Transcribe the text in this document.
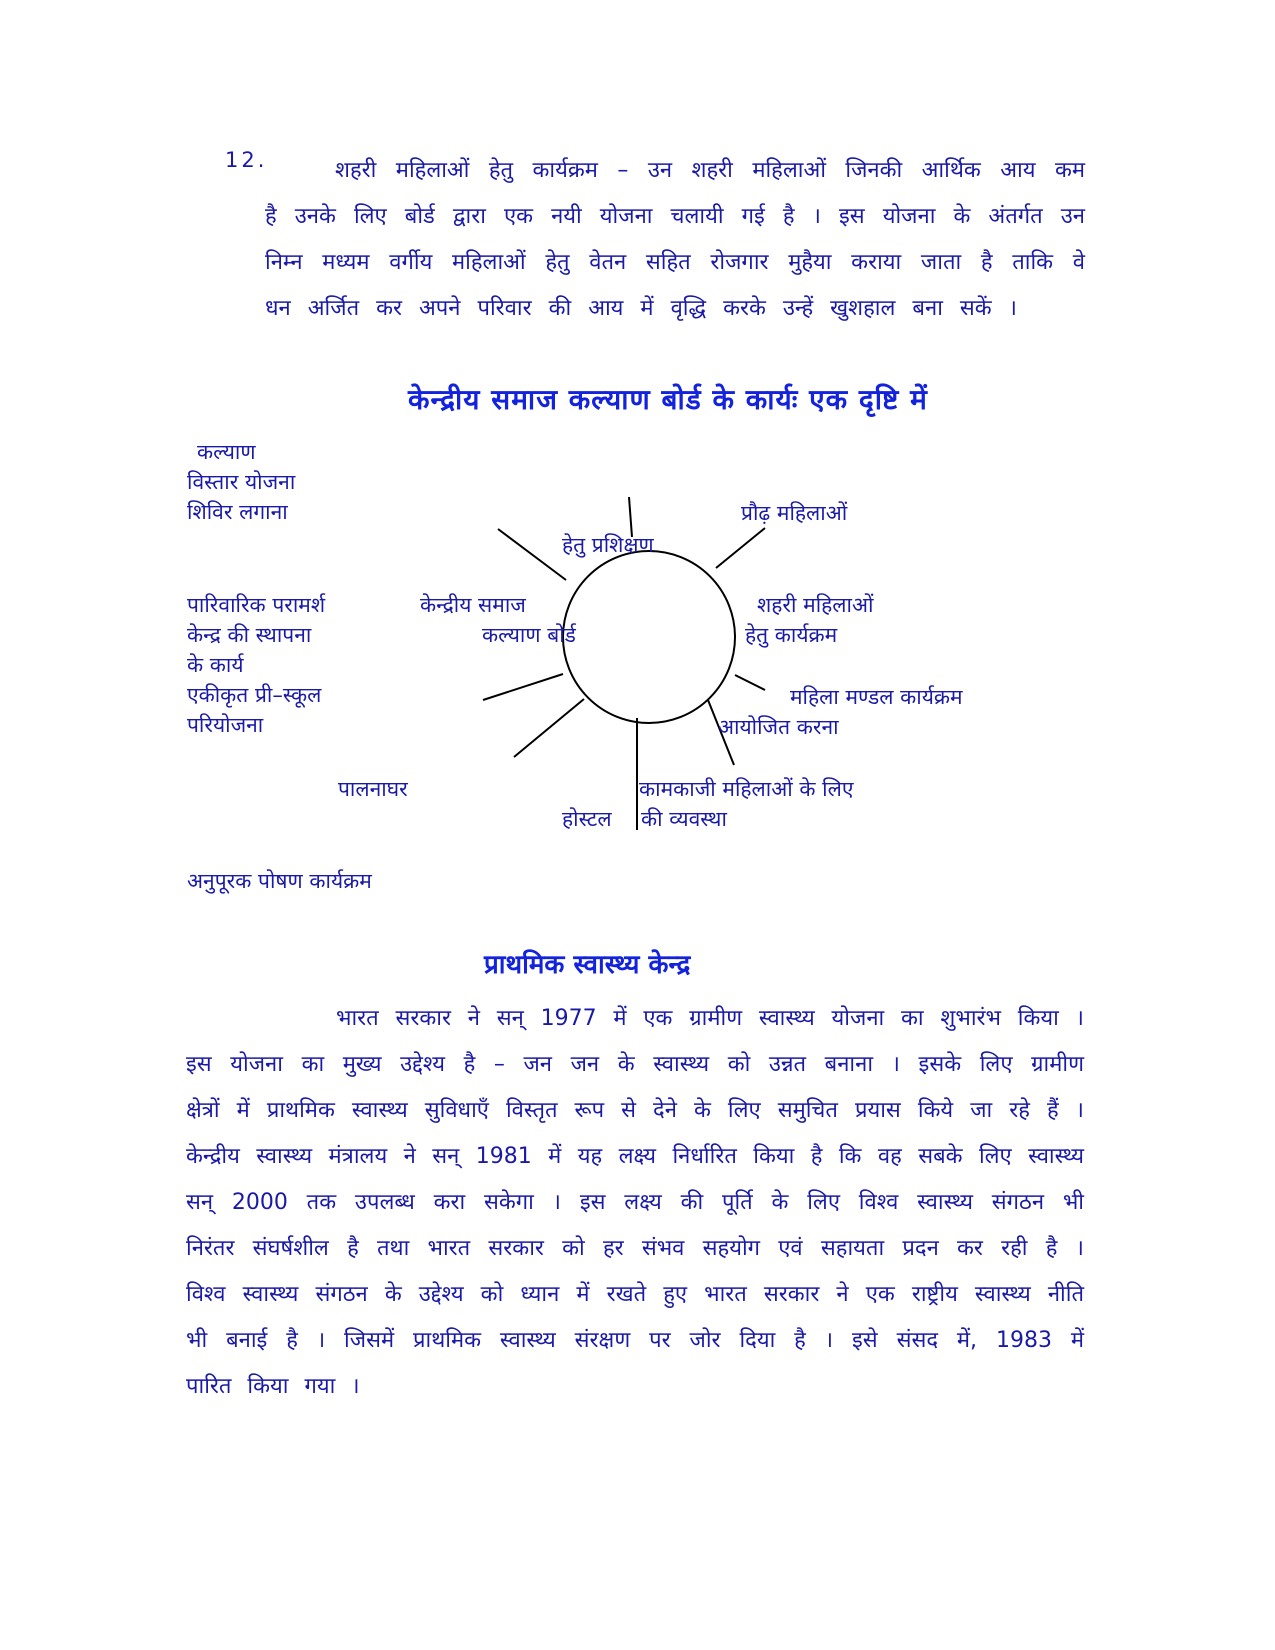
12.	शहरी महिलाओं हेतु कार्यक्रम – उन शहरी महिलाओं जिनकी आर्थिक आय कम है उनके लिए बोर्ड द्वारा एक नयी योजना चलायी गई है । इस योजना के अंतर्गत उन निम्न मध्यम वर्गीय महिलाओं हेतु वेतन सहित रोजगार मुहैया कराया जाता है ताकि वे धन अर्जित कर अपने परिवार की आय में वृद्धि करके उन्हें खुशहाल बना सकें ।

केन्द्रीय समाज कल्याण बोर्ड के कार्यः एक दृष्टि में
कल्याण
विस्तार योजना
शिविर लगाना
हेतु प्रशिक्षण
प्रौढ़ महिलाओं
पारिवारिक परामर्श
केन्द्र की स्थापना
के कार्य
एकीकृत प्री–स्कूल
परियोजना
केन्द्रीय समाज
कल्याण बोर्ड
शहरी महिलाओं
हेतु कार्यक्रम
महिला मण्डल कार्यक्रम
आयोजित करना
पालनाघर	कामकाजी महिलाओं के लिए
होस्टल की व्यवस्था
अनुपूरक पोषण कार्यक्रम
प्राथमिक स्वास्थ्य केन्द्र

भारत सरकार ने सन् 1977 में एक ग्रामीण स्वास्थ्य योजना का शुभारंभ किया । इस योजना का मुख्य उद्देश्य है – जन जन के स्वास्थ्य को उन्नत बनाना । इसके लिए ग्रामीण क्षेत्रों में प्राथमिक स्वास्थ्य सुविधाएँ विस्तृत रूप से देने के लिए समुचित प्रयास किये जा रहे हैं । केन्द्रीय स्वास्थ्य मंत्रालय ने सन् 1981 में यह लक्ष्य निर्धारित किया है कि वह सबके लिए स्वास्थ्य सन् 2000 तक उपलब्ध करा सकेगा । इस लक्ष्य की पूर्ति के लिए विश्व स्वास्थ्य संगठन भी निरंतर संघर्षशील है तथा भारत सरकार को हर संभव सहयोग एवं सहायता प्रदन कर रही है । विश्व स्वास्थ्य संगठन के उद्देश्य को ध्यान में रखते हुए भारत सरकार ने एक राष्ट्रीय स्वास्थ्य नीति भी बनाई है । जिसमें प्राथमिक स्वास्थ्य संरक्षण पर जोर दिया है । इसे संसद में, 1983 में पारित किया गया ।
